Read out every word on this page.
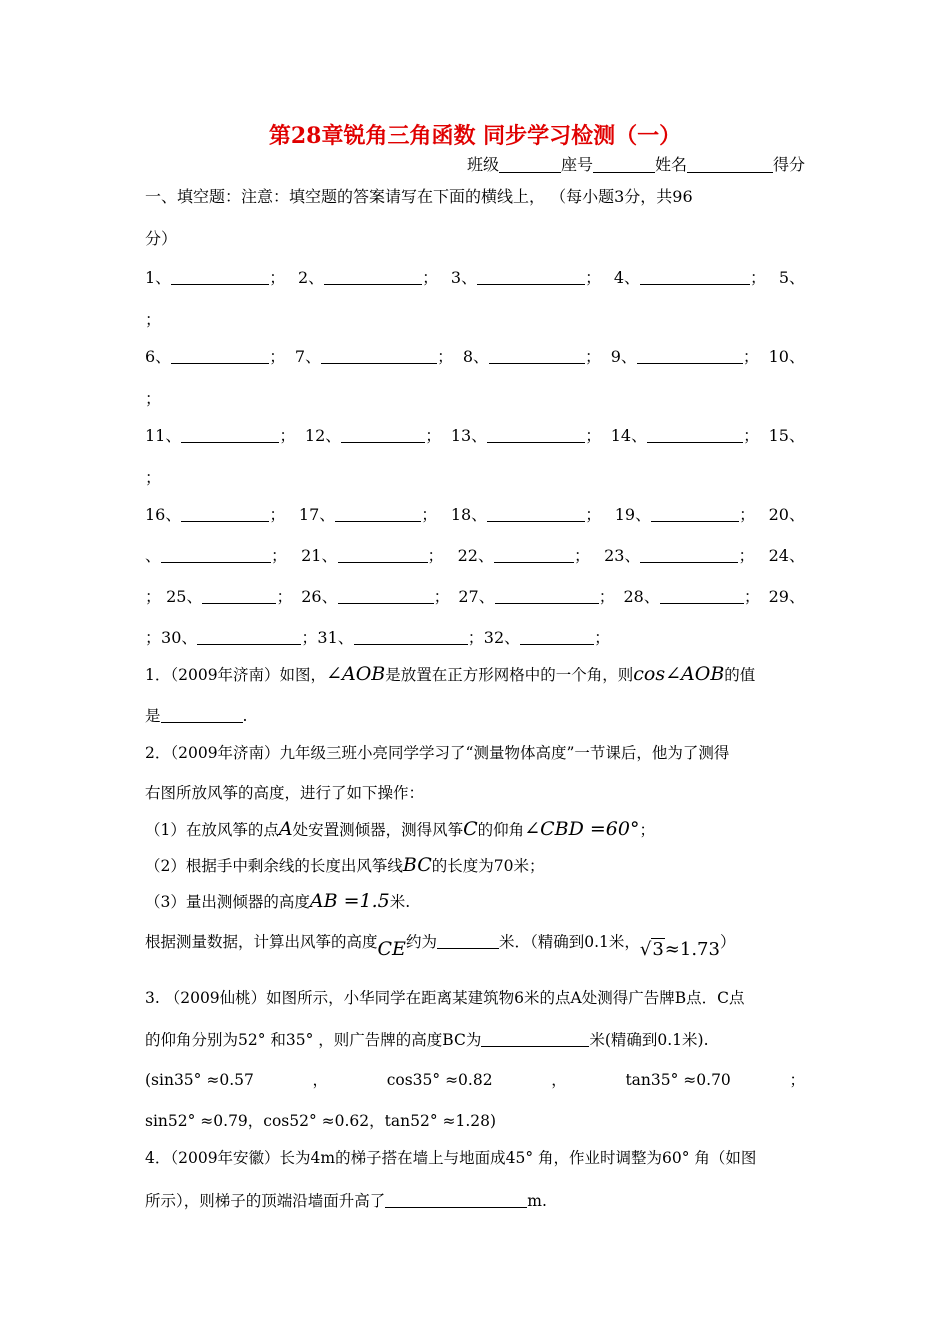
第28章锐角三角函数 同步学习检测（一）
班级	座号	姓名	得分
一、填空题：注意：填空题的答案请写在下面的横线上， （每小题3分，共96
分）
1、	； 2、	； 3、	； 4、	； 5、
；
6、	； 7、	； 8、	； 9、	； 10、
；
11、	； 12、	； 13、	； 14、	； 15、
；
16、	； 17、	； 18、	； 19、	； 20、
、	； 21、	； 22、	； 23、	； 24、
； 25、	； 26、	； 27、	； 28、	； 29、
；30、	；31、	；32、	；
1．（2009年济南）如图，∠AOB是放置在正方形网格中的一个角，则cos∠AOB的值
是	.
2．（2009年济南）九年级三班小亮同学学习了“测量物体高度”一节课后，他为了测得
右图所放风筝的高度，进行了如下操作：
（1）在放风筝的点A处安置测倾器，测得风筝C的仰角∠CBD =60°；
（2）根据手中剩余线的长度出风筝线BC的长度为70米；
（3）量出测倾器的高度AB =1.5米.
根据测量数据，计算出风筝的高度CE约为	米．（精确到0.1米，√3≈1.73）
3. （2009仙桃）如图所示，小华同学在距离某建筑物6米的点A处测得广告牌B点．C点
的仰角分别为52° 和35° ，则广告牌的高度BC为	米(精确到0.1米).
(sin35° ≈0.57	，	cos35° ≈0.82	，	tan35° ≈0.70	；
sin52° ≈0.79，cos52° ≈0.62，tan52° ≈1.28)
4．（2009年安徽）长为4m的梯子搭在墙上与地面成45° 角，作业时调整为60° 角（如图
所示），则梯子的顶端沿墙面升高了	m.
